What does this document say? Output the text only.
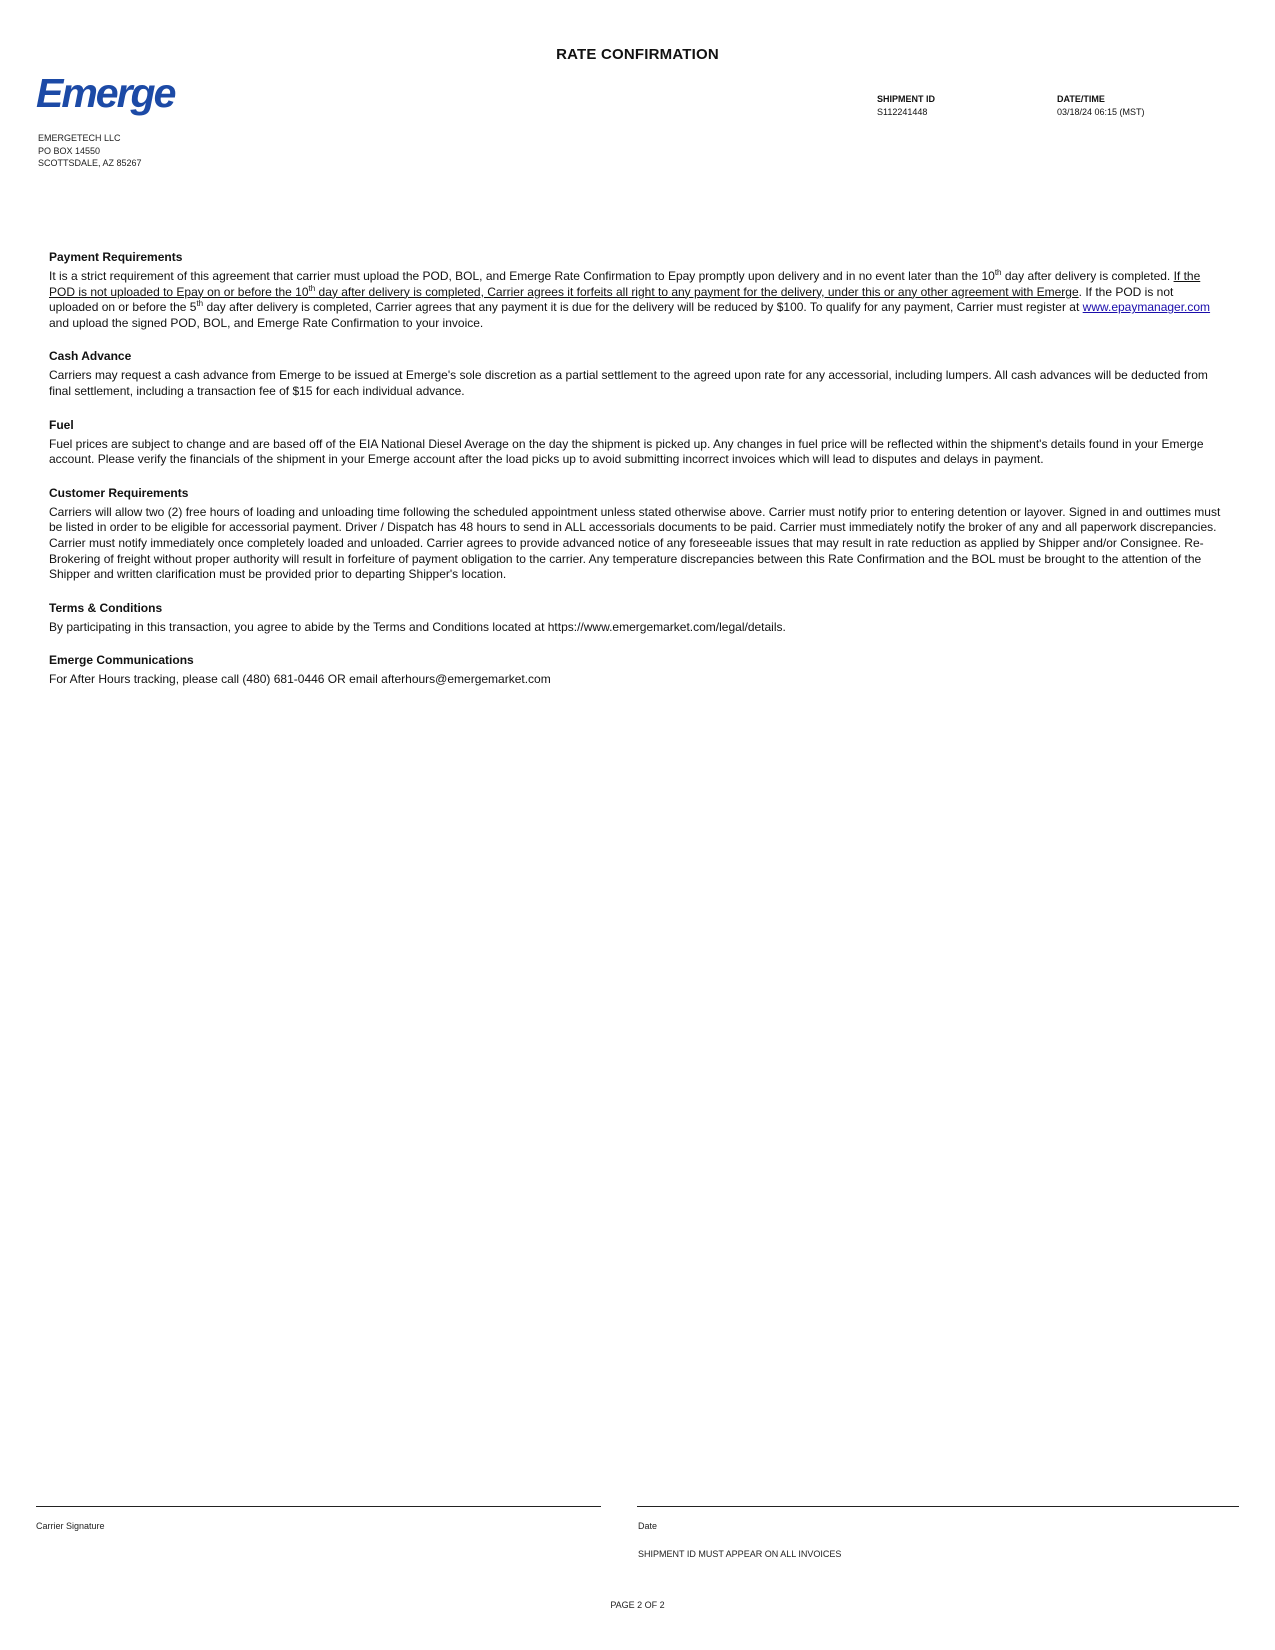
RATE CONFIRMATION
Emerge
EMERGETECH LLC
PO BOX 14550
SCOTTSDALE, AZ 85267
SHIPMENT ID
S112241448
DATE/TIME
03/18/24 06:15 (MST)
Payment Requirements

It is a strict requirement of this agreement that carrier must upload the POD, BOL, and Emerge Rate Confirmation to Epay promptly upon delivery and in no event later than the 10th day after delivery is completed. If the POD is not uploaded to Epay on or before the 10th day after delivery is completed, Carrier agrees it forfeits all right to any payment for the delivery, under this or any other agreement with Emerge. If the POD is not uploaded on or before the 5th day after delivery is completed, Carrier agrees that any payment it is due for the delivery will be reduced by $100. To qualify for any payment, Carrier must register at www.epaymanager.com and upload the signed POD, BOL, and Emerge Rate Confirmation to your invoice.

Cash Advance

Carriers may request a cash advance from Emerge to be issued at Emerge's sole discretion as a partial settlement to the agreed upon rate for any accessorial, including lumpers. All cash advances will be deducted from final settlement, including a transaction fee of $15 for each individual advance.

Fuel

Fuel prices are subject to change and are based off of the EIA National Diesel Average on the day the shipment is picked up. Any changes in fuel price will be reflected within the shipment's details found in your Emerge account. Please verify the financials of the shipment in your Emerge account after the load picks up to avoid submitting incorrect invoices which will lead to disputes and delays in payment.

Customer Requirements

Carriers will allow two (2) free hours of loading and unloading time following the scheduled appointment unless stated otherwise above. Carrier must notify prior to entering detention or layover. Signed in and outtimes must be listed in order to be eligible for accessorial payment. Driver / Dispatch has 48 hours to send in ALL accessorials documents to be paid. Carrier must immediately notify the broker of any and all paperwork discrepancies. Carrier must notify immediately once completely loaded and unloaded. Carrier agrees to provide advanced notice of any foreseeable issues that may result in rate reduction as applied by Shipper and/or Consignee. Re-Brokering of freight without proper authority will result in forfeiture of payment obligation to the carrier. Any temperature discrepancies between this Rate Confirmation and the BOL must be brought to the attention of the Shipper and written clarification must be provided prior to departing Shipper's location.

Terms & Conditions

By participating in this transaction, you agree to abide by the Terms and Conditions located at https://www.emergemarket.com/legal/details.

Emerge Communications

For After Hours tracking, please call (480) 681-0446 OR email afterhours@emergemarket.com

Carrier Signature	Date
SHIPMENT ID MUST APPEAR ON ALL INVOICES
PAGE 2 OF 2
